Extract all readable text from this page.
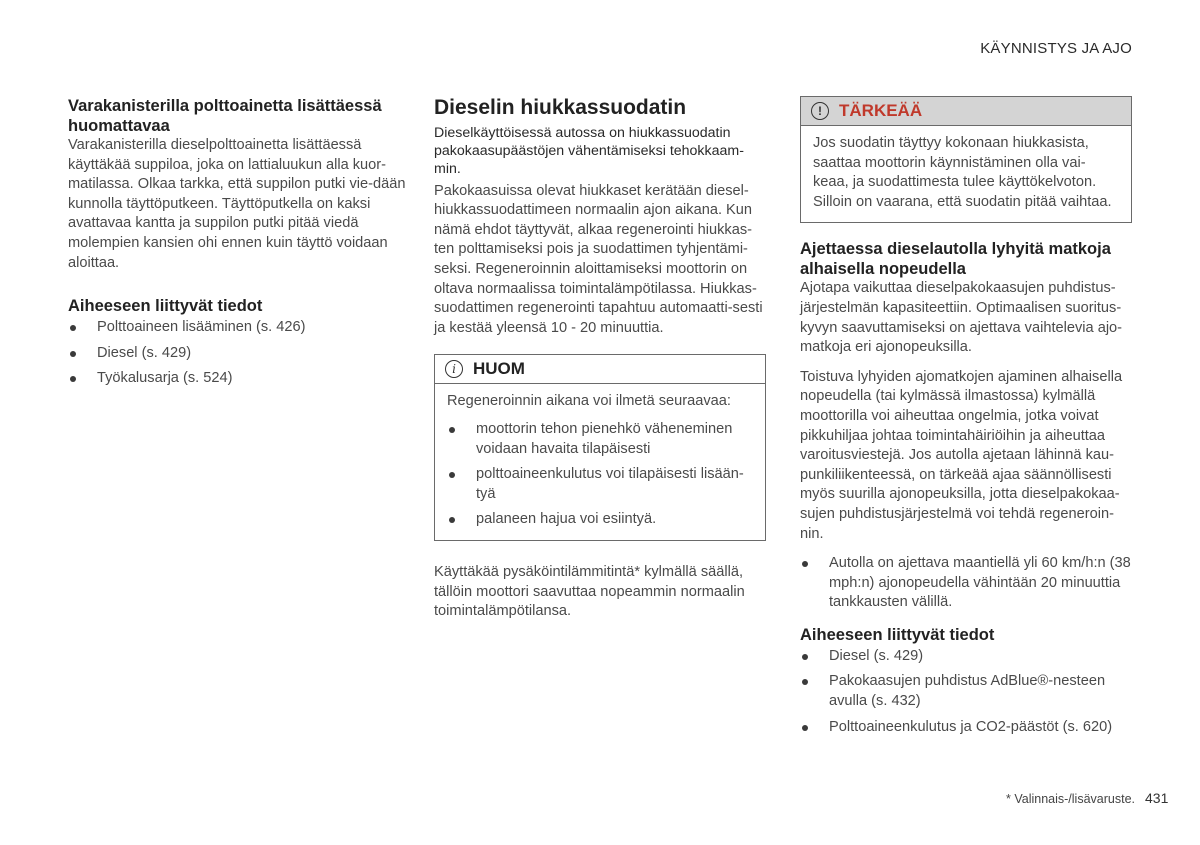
KÄYNNISTYS JA AJO
Varakanisterilla polttoainetta lisättäessä huomattavaa

Varakanisterilla dieselpolttoainetta lisättäessä käyttäkää suppiloa, joka on lattialuukun alla kuor-matilassa. Olkaa tarkka, että suppilon putki vie-dään kunnolla täyttöputkeen. Täyttöputkella on kaksi avattavaa kantta ja suppilon putki pitää viedä molempien kansien ohi ennen kuin täyttö voidaan aloittaa.

Aiheeseen liittyvät tiedot
Polttoaineen lisääminen (s. 426)
Diesel (s. 429)
Työkalusarja (s. 524)
Dieselin hiukkassuodatin

Dieselkäyttöisessä autossa on hiukkassuodatin pakokaasupäästöjen vähentämiseksi tehokkaam-min.

Pakokaasuissa olevat hiukkaset kerätään diesel-hiukkassuodattimeen normaalin ajon aikana. Kun nämä ehdot täyttyvät, alkaa regenerointi hiukkas-ten polttamiseksi pois ja suodattimen tyhjentämi-seksi. Regeneroinnin aloittamiseksi moottorin on oltava normaalissa toimintalämpötilassa. Hiukkas-suodattimen regenerointi tapahtuu automaatti-sesti ja kestää yleensä 10 - 20 minuuttia.

i	HUOM

Regeneroinnin aikana voi ilmetä seuraavaa:

moottorin tehon pienehkö väheneminen voidaan havaita tilapäisesti
polttoaineenkulutus voi tilapäisesti lisään-tyä
palaneen hajua voi esiintyä.

Käyttäkää pysäköintilämmitintä* kylmällä säällä, tällöin moottori saavuttaa nopeammin normaalin toimintalämpötilansa.

!	TÄRKEÄÄ

Jos suodatin täyttyy kokonaan hiukkasista, saattaa moottorin käynnistäminen olla vai-keaa, ja suodattimesta tulee käyttökelvoton. Silloin on vaarana, että suodatin pitää vaihtaa.

Ajettaessa dieselautolla lyhyitä matkoja alhaisella nopeudella

Ajotapa vaikuttaa dieselpakokaasujen puhdistus-järjestelmän kapasiteettiin. Optimaalisen suoritus-kyvyn saavuttamiseksi on ajettava vaihtelevia ajo-matkoja eri ajonopeuksilla.

Toistuva lyhyiden ajomatkojen ajaminen alhaisella nopeudella (tai kylmässä ilmastossa) kylmällä moottorilla voi aiheuttaa ongelmia, jotka voivat pikkuhiljaa johtaa toimintahäiriöihin ja aiheuttaa varoitusviestejä. Jos autolla ajetaan lähinnä kau-punkiliikenteessä, on tärkeää ajaa säännöllisesti myös suurilla ajonopeuksilla, jotta dieselpakokaa-sujen puhdistusjärjestelmä voi tehdä regeneroin-nin.

Autolla on ajettava maantiellä yli 60 km/h:n (38 mph:n) ajonopeudella vähintään 20 minuuttia tankkausten välillä.
Aiheeseen liittyvät tiedot
Diesel (s. 429)
Pakokaasujen puhdistus AdBlue®-nesteen avulla (s. 432)
Polttoaineenkulutus ja CO2-päästöt (s. 620)
* Valinnais-/lisävaruste. 431
